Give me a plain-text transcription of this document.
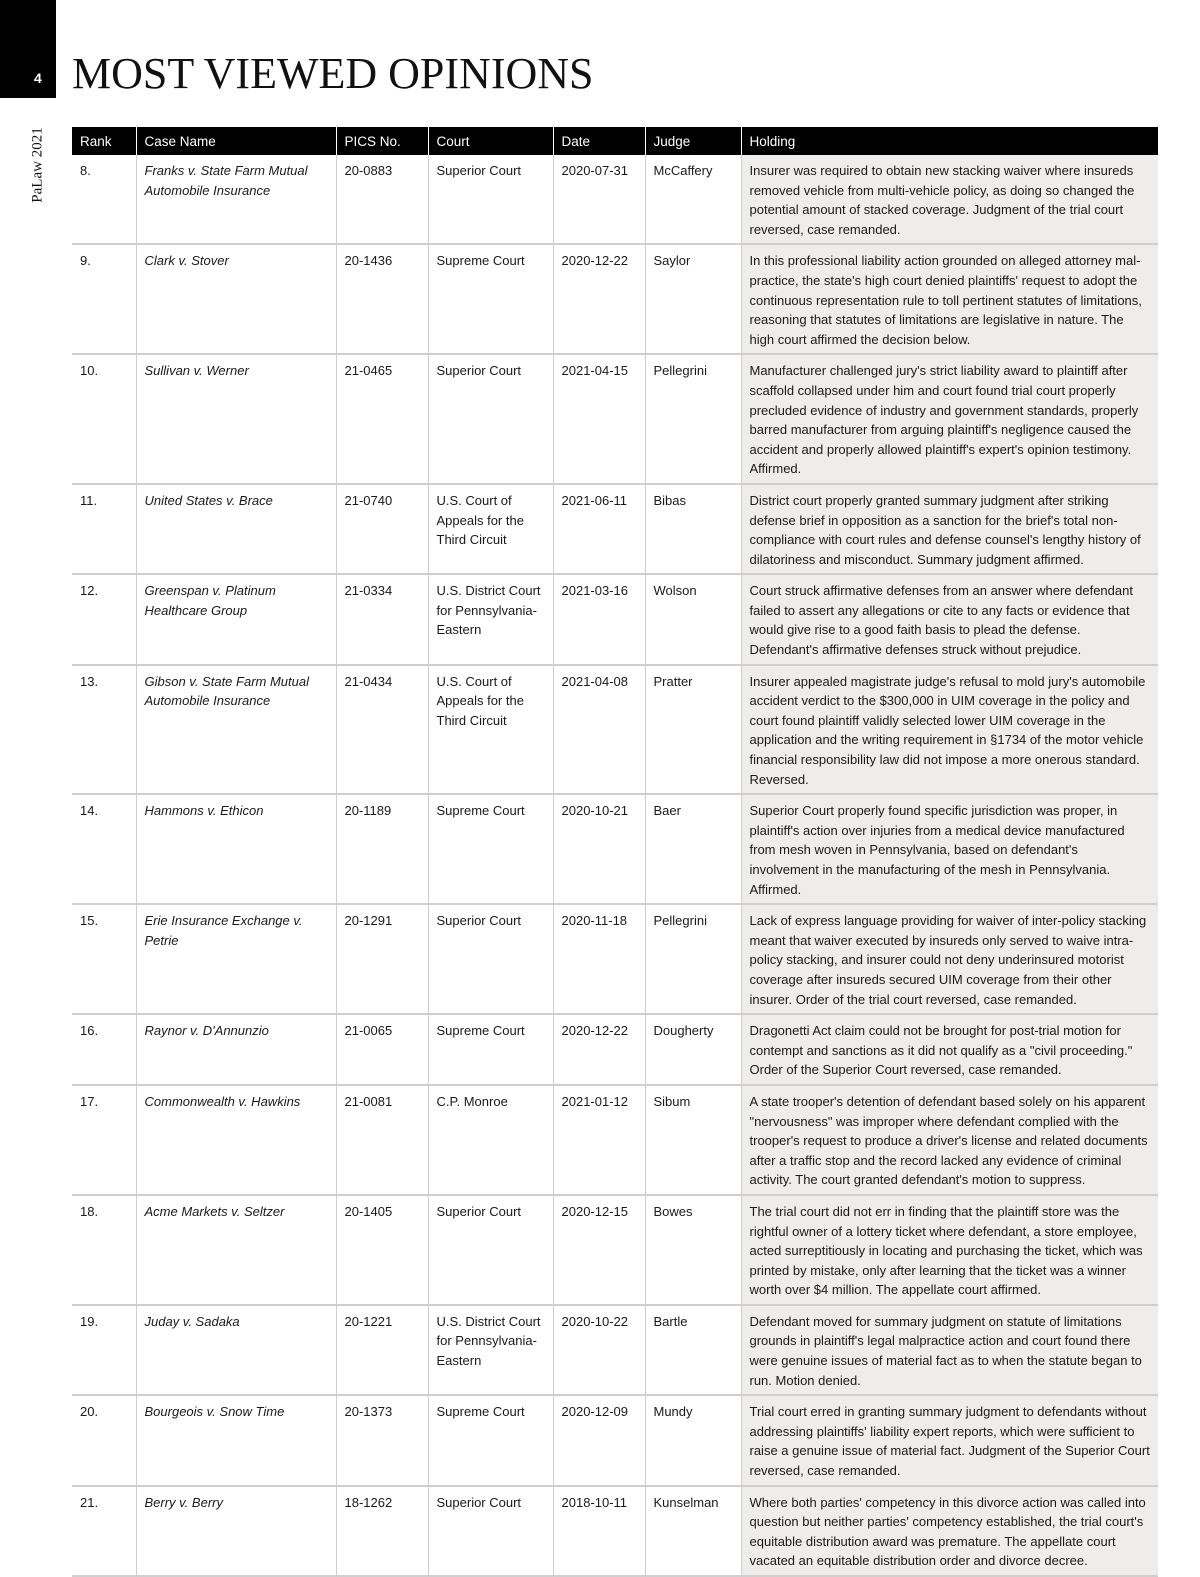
4
PaLaw 2021
MOST VIEWED OPINIONS
Rank	Case Name	PICS No.	Court	Date	Judge	Holding
8.	Franks v. State Farm Mutual Automobile Insurance	20-0883	Superior Court	2020-07-31	McCaffery	Insurer was required to obtain new stacking waiver where insureds removed vehicle from multi-vehicle policy, as doing so changed the potential amount of stacked coverage. Judgment of the trial court reversed, case remanded.
9.	Clark v. Stover	20-1436	Supreme Court	2020-12-22	Saylor	In this professional liability action grounded on alleged attorney mal-practice, the state's high court denied plaintiffs' request to adopt the continuous representation rule to toll pertinent statutes of limitations, reasoning that statutes of limitations are legislative in nature. The high court affirmed the decision below.
10.	Sullivan v. Werner	21-0465	Superior Court	2021-04-15	Pellegrini	Manufacturer challenged jury's strict liability award to plaintiff after scaffold collapsed under him and court found trial court properly precluded evidence of industry and government standards, properly barred manufacturer from arguing plaintiff's negligence caused the accident and properly allowed plaintiff's expert's opinion testimony. Affirmed.
11.	United States v. Brace	21-0740	U.S. Court of Appeals for the Third Circuit	2021-06-11	Bibas	District court properly granted summary judgment after striking defense brief in opposition as a sanction for the brief's total non-compliance with court rules and defense counsel's lengthy history of dilatoriness and misconduct. Summary judgment affirmed.
12.	Greenspan v. Platinum Healthcare Group	21-0334	U.S. District Court for Pennsylvania-Eastern	2021-03-16	Wolson	Court struck affirmative defenses from an answer where defendant failed to assert any allegations or cite to any facts or evidence that would give rise to a good faith basis to plead the defense. Defendant's affirmative defenses struck without prejudice.
13.	Gibson v. State Farm Mutual Automobile Insurance	21-0434	U.S. Court of Appeals for the Third Circuit	2021-04-08	Pratter	Insurer appealed magistrate judge's refusal to mold jury's automobile accident verdict to the $300,000 in UIM coverage in the policy and court found plaintiff validly selected lower UIM coverage in the application and the writing requirement in §1734 of the motor vehicle financial responsibility law did not impose a more onerous standard. Reversed.
14.	Hammons v. Ethicon	20-1189	Supreme Court	2020-10-21	Baer	Superior Court properly found specific jurisdiction was proper, in plaintiff's action over injuries from a medical device manufactured from mesh woven in Pennsylvania, based on defendant's involvement in the manufacturing of the mesh in Pennsylvania. Affirmed.
15.	Erie Insurance Exchange v. Petrie	20-1291	Superior Court	2020-11-18	Pellegrini	Lack of express language providing for waiver of inter-policy stacking meant that waiver executed by insureds only served to waive intra-policy stacking, and insurer could not deny underinsured motorist coverage after insureds secured UIM coverage from their other insurer. Order of the trial court reversed, case remanded.
16.	Raynor v. D'Annunzio	21-0065	Supreme Court	2020-12-22	Dougherty	Dragonetti Act claim could not be brought for post-trial motion for contempt and sanctions as it did not qualify as a "civil proceeding." Order of the Superior Court reversed, case remanded.
17.	Commonwealth v. Hawkins	21-0081	C.P. Monroe	2021-01-12	Sibum	A state trooper's detention of defendant based solely on his apparent "nervousness" was improper where defendant complied with the trooper's request to produce a driver's license and related documents after a traffic stop and the record lacked any evidence of criminal activity. The court granted defendant's motion to suppress.
18.	Acme Markets v. Seltzer	20-1405	Superior Court	2020-12-15	Bowes	The trial court did not err in finding that the plaintiff store was the rightful owner of a lottery ticket where defendant, a store employee, acted surreptitiously in locating and purchasing the ticket, which was printed by mistake, only after learning that the ticket was a winner worth over $4 million. The appellate court affirmed.
19.	Juday v. Sadaka	20-1221	U.S. District Court for Pennsylvania-Eastern	2020-10-22	Bartle	Defendant moved for summary judgment on statute of limitations grounds in plaintiff's legal malpractice action and court found there were genuine issues of material fact as to when the statute began to run. Motion denied.
20.	Bourgeois v. Snow Time	20-1373	Supreme Court	2020-12-09	Mundy	Trial court erred in granting summary judgment to defendants without addressing plaintiffs' liability expert reports, which were sufficient to raise a genuine issue of material fact. Judgment of the Superior Court reversed, case remanded.
21.	Berry v. Berry	18-1262	Superior Court	2018-10-11	Kunselman	Where both parties' competency in this divorce action was called into question but neither parties' competency established, the trial court's equitable distribution award was premature. The appellate court vacated an equitable distribution order and divorce decree.
